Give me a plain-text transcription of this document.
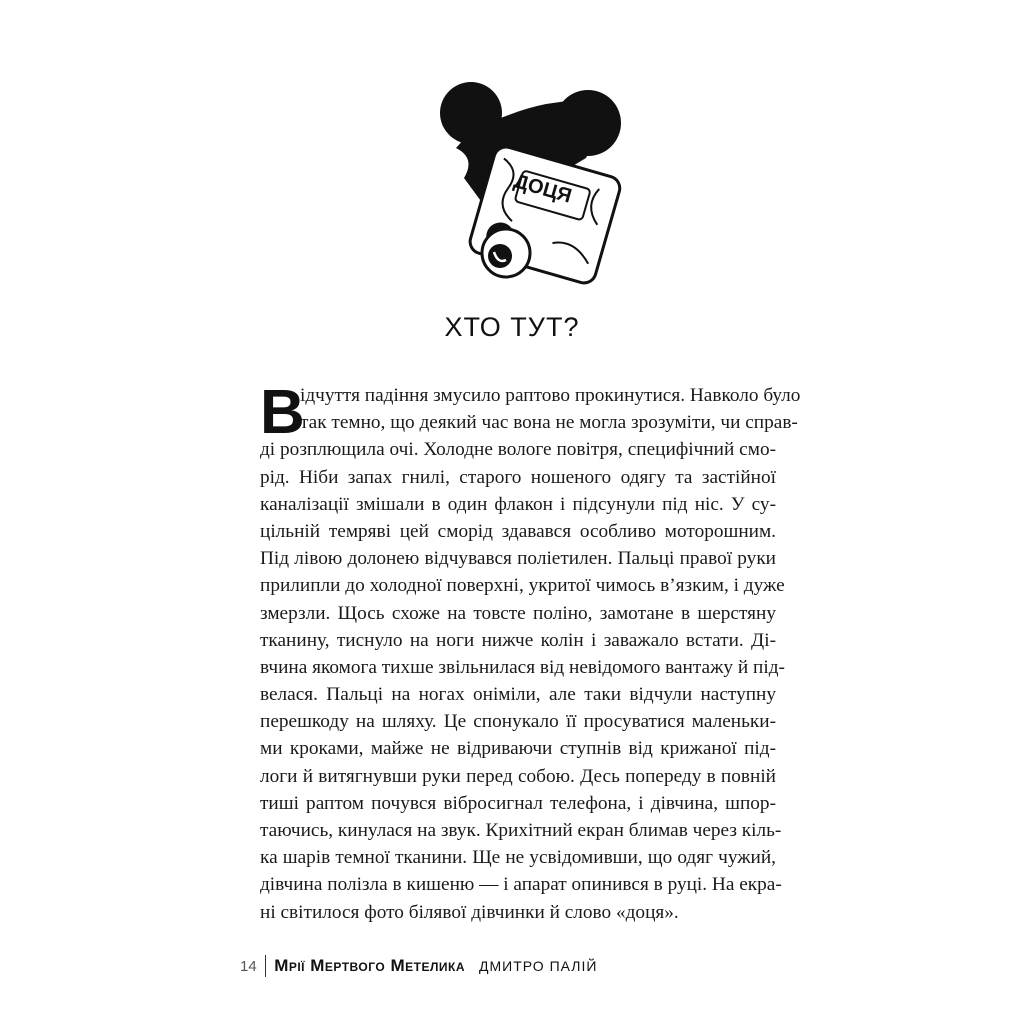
ДОЦЯ
ХТО ТУТ?
В
ідчуття падіння змусило раптово прокинутися. Навколо було
так темно, що деякий час вона не могла зрозуміти, чи справ-
ді розплющила очі. Холодне вологе повітря, специфічний смо-
рід. Ніби запах гнилі, старого ношеного одягу та застійної
каналізації змішали в один флакон і підсунули під ніс. У су-
цільній темряві цей сморід здавався особливо моторошним.
Під лівою долонею відчувався поліетилен. Пальці правої руки
прилипли до холодної поверхні, укритої чимось в’язким, і дуже
змерзли. Щось схоже на товсте поліно, замотане в шерстяну
тканину, тиснуло на ноги нижче колін і заважало встати. Ді-
вчина якомога тихше звільнилася від невідомого вантажу й під-
велася. Пальці на ногах оніміли, але таки відчули наступну
перешкоду на шляху. Це спонукало її просуватися маленьки-
ми кроками, майже не відриваючи ступнів від крижаної під-
логи й витягнувши руки перед собою. Десь попереду в повній
тиші раптом почувся вібросигнал телефона, і дівчина, шпор-
таючись, кинулася на звук. Крихітний екран блимав через кіль-
ка шарів темної тканини. Ще не усвідомивши, що одяг чужий,
дівчина полізла в кишеню — і апарат опинився в руці. На екра-
ні світилося фото білявої дівчинки й слово «доця».
14 Мрії Мертвого Метелика ДМИТРО ПАЛІЙ
